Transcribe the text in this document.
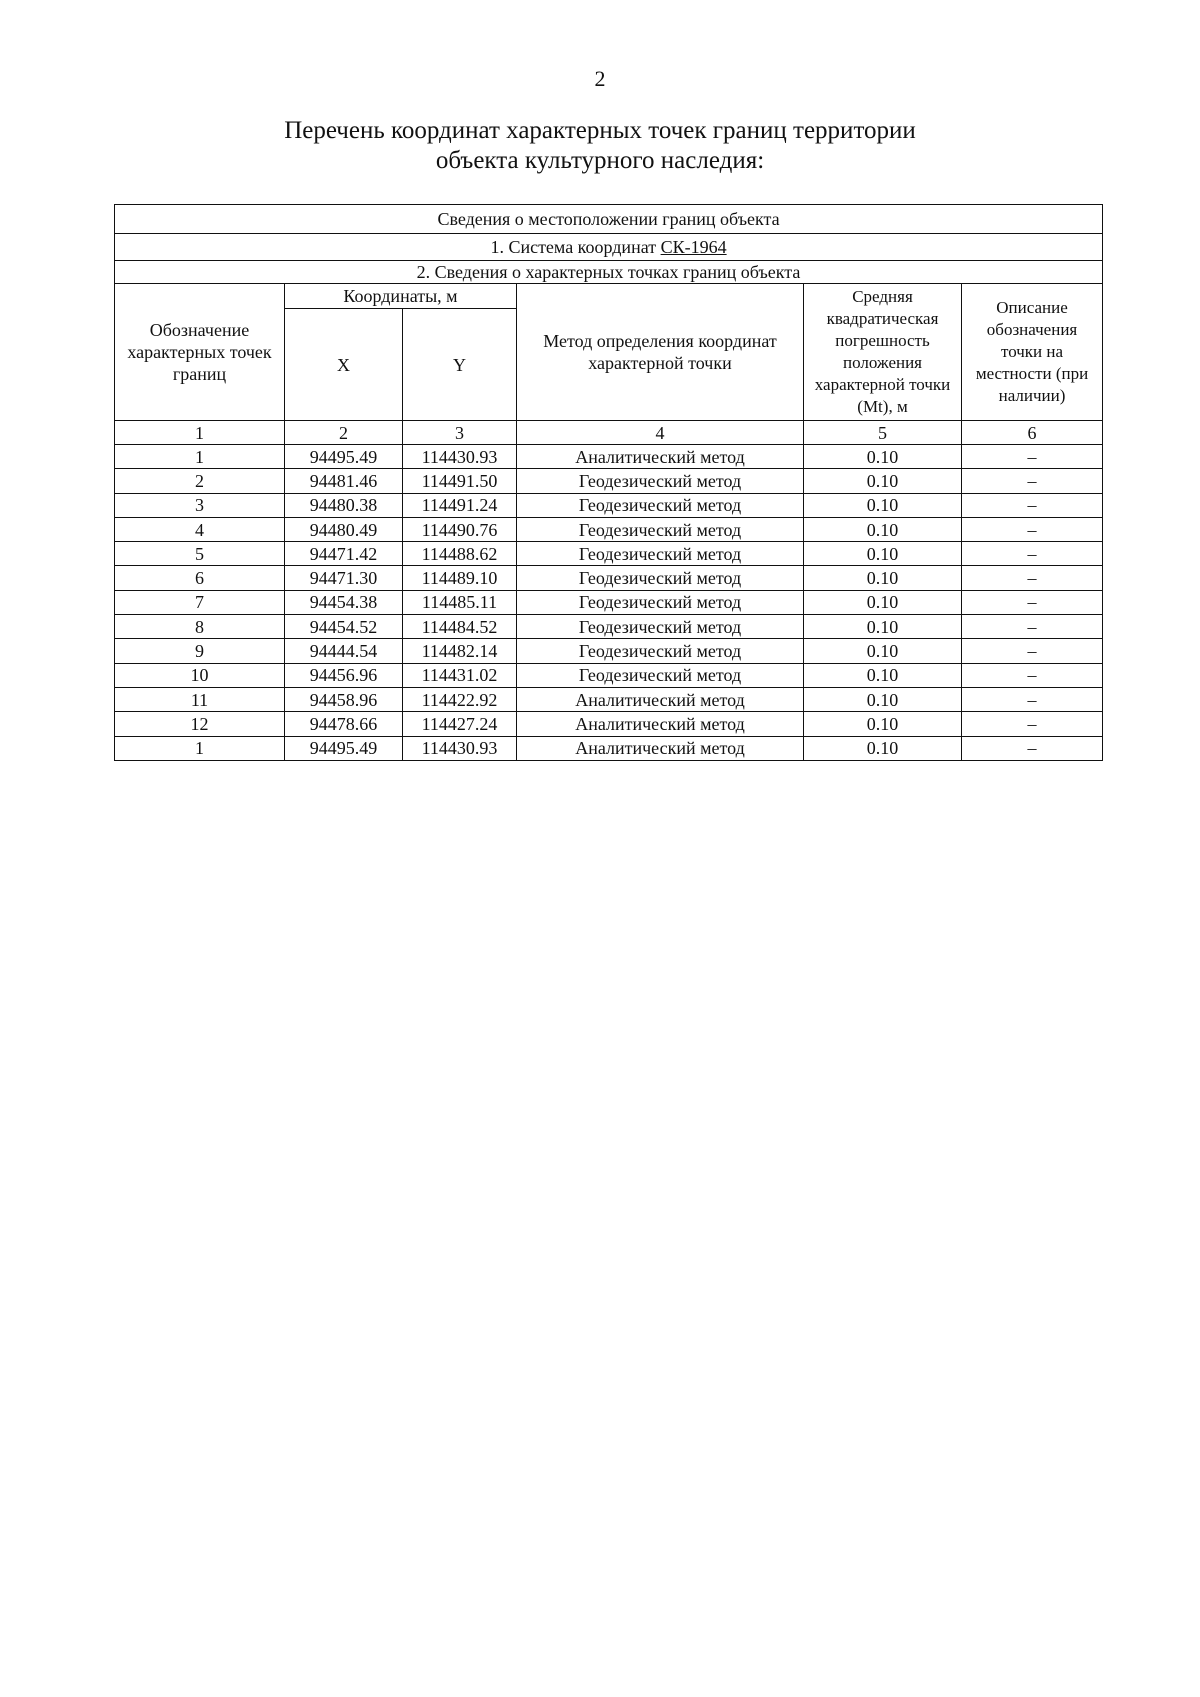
2
Перечень координат характерных точек границ территории
объекта культурного наследия:
Сведения о местоположении границ объекта					
1. Система координат СК-1964					
2. Сведения о характерных точках границ объекта					
Обозначение характерных точек границ	Координаты, м		Метод определения координат характерной точки	Средняя квадратическая погрешность положения характерной точки (Mt), м	Описание обозначения точки на местности (при наличии)
	X	Y			
1	2	3	4	5	6
1	94495.49	114430.93	Аналитический метод	0.10	–
2	94481.46	114491.50	Геодезический метод	0.10	–
3	94480.38	114491.24	Геодезический метод	0.10	–
4	94480.49	114490.76	Геодезический метод	0.10	–
5	94471.42	114488.62	Геодезический метод	0.10	–
6	94471.30	114489.10	Геодезический метод	0.10	–
7	94454.38	114485.11	Геодезический метод	0.10	–
8	94454.52	114484.52	Геодезический метод	0.10	–
9	94444.54	114482.14	Геодезический метод	0.10	–
10	94456.96	114431.02	Геодезический метод	0.10	–
11	94458.96	114422.92	Аналитический метод	0.10	–
12	94478.66	114427.24	Аналитический метод	0.10	–
1	94495.49	114430.93	Аналитический метод	0.10	–
